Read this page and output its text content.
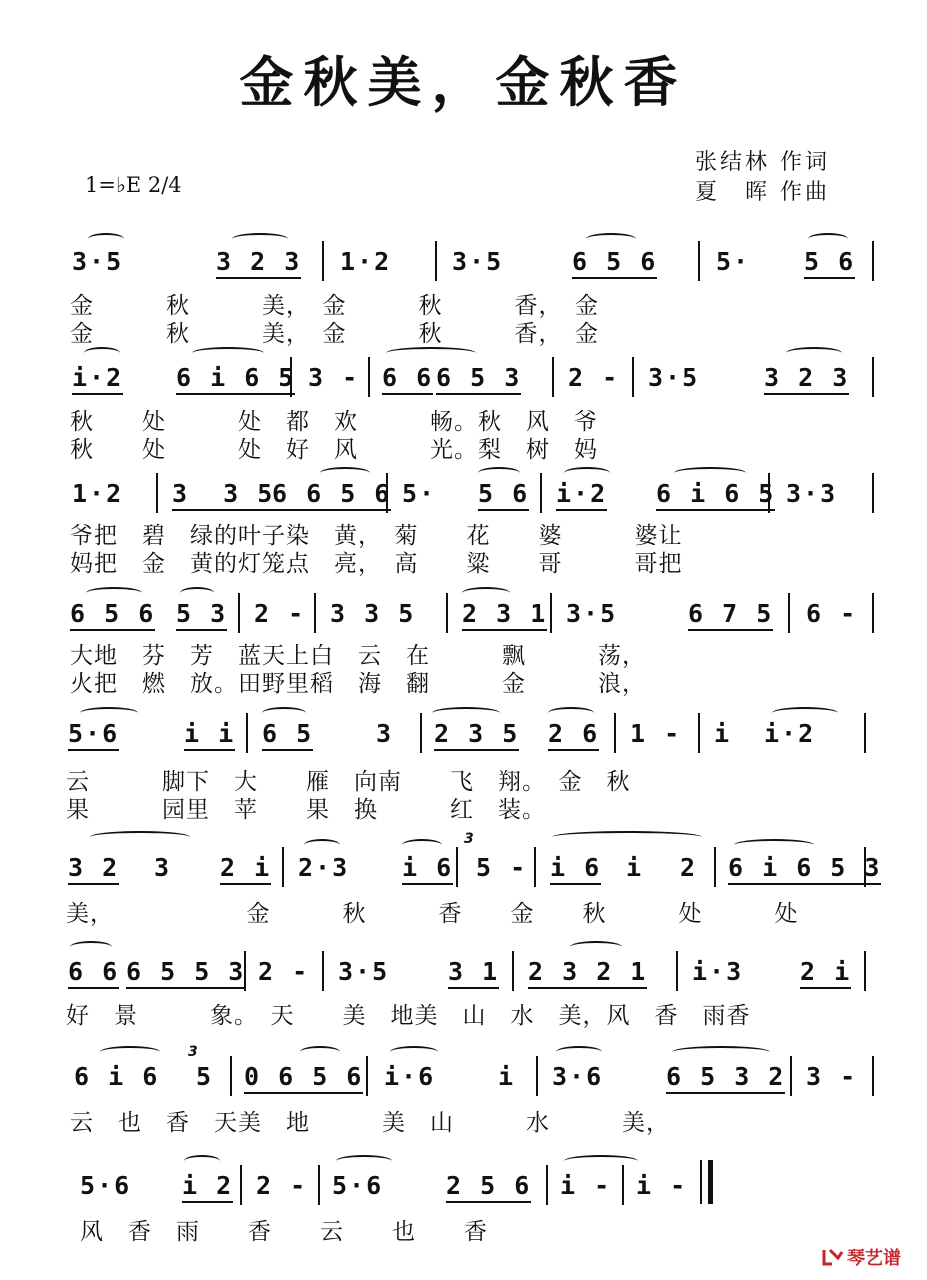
金秋美，金秋香
1=♭E 2/4
张结林 作词
夏　晖 作曲
3·5	3 2 3 1·2 3·5	6 5 6 5· 5 6
金　　　秋　　　美，　金　　　秋　　　香，　金
金　　　秋　　　美，　金　　　秋　　　香，　金
i·2 6 i 6 5 3 - 6 6 6 5 3 2 - 3·5	3 2 3
秋　　处　　　处　都　欢　　　畅。秋　风　爷
秋　　处　　　处　好　风　　　光。梨　树　妈
1·2 3  3 5
6 6 5 6 5· 5 6 i·2 6 i 6 5 3·3
爷把　碧　绿的叶子染　黄，　菊　　花　　婆　　　婆让
妈把　金　黄的灯笼点　亮，　高　　粱　　哥　　　哥把
6 5 6 5 3 2 - 3 3 5 2 3 1 3·5	6 7 5 6 -
大地　芬　芳　蓝天上白　云　在　　　飘　　　荡，
火把　燃　放。田野里稻　海　翻　　　金　　　浪，
5·6	i i 6 5	3 2 3 5 2 6 1 - i i·2
云　　　脚下　大　　雁　向南　　飞　翔。　金　秋
果　　　园里　苹　　果　换　　　红　装。
3 2 3 2 i 2·3 i 6
3
5 - i 6 i 2 6 i 6 5 3
美，　　　　　　金　　　秋　　　香　　金　　秋　　　处　　　处
6 6 6 5 5 3 2 - 3·5 3 1 2 3 2 1 i·3 2 i
好　景　　　象。　天　　美　地美　山　水　美，风　香　雨香
6 i 6
3
5 0 6 5 6 i·6	i 3·6	6 5 3 2 3 -
云　也　香　天美　地　　　美　山　　　水　　　美，
5·6 i 2 2 - 5·6	2 5 6 i - i -
风　香　雨　　香　　云　　也　　香
琴艺谱
